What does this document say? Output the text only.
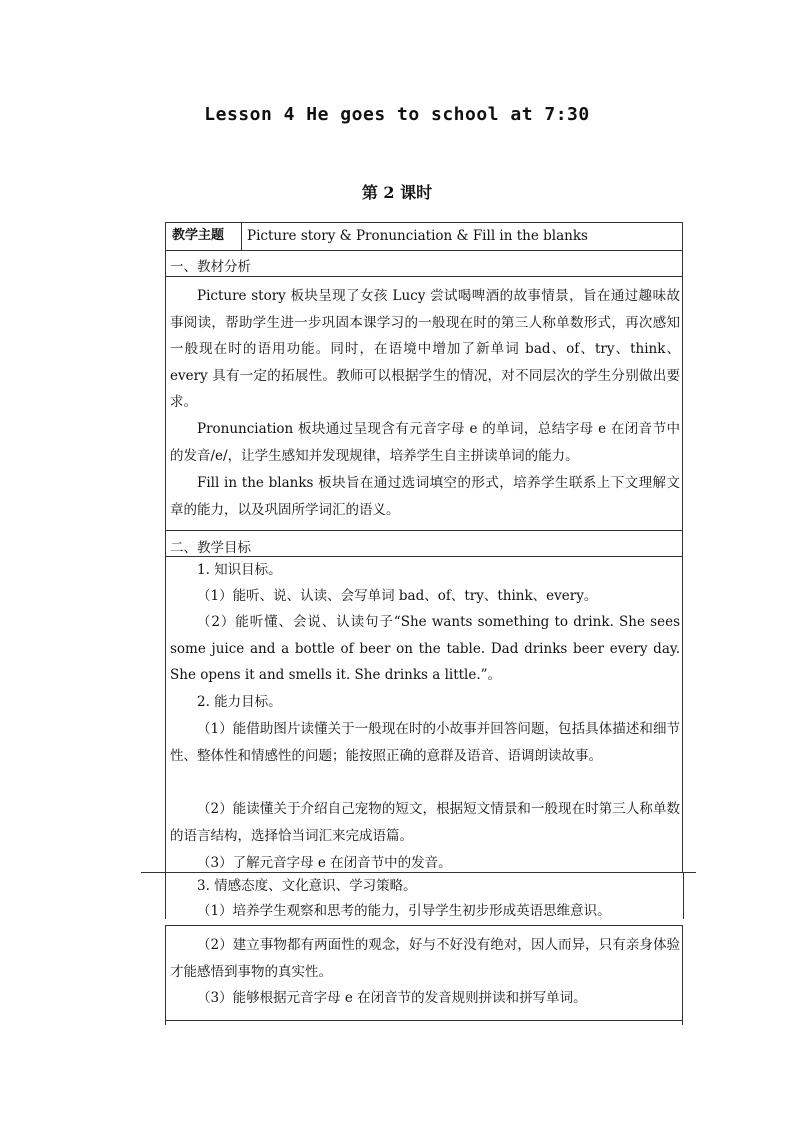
Lesson 4 He goes to school at 7:30
第 2 课时
教学主题 Picture story & Pronunciation & Fill in the blanks
一、教材分析
Picture story 板块呈现了女孩 Lucy 尝试喝啤酒的故事情景，旨在通过趣味故事阅读，帮助学生进一步巩固本课学习的一般现在时的第三人称单数形式，再次感知一般现在时的语用功能。同时，在语境中增加了新单词 bad、of、try、think、every 具有一定的拓展性。教师可以根据学生的情况，对不同层次的学生分别做出要求。
Pronunciation 板块通过呈现含有元音字母 e 的单词，总结字母 e 在闭音节中的发音/e/，让学生感知并发现规律，培养学生自主拼读单词的能力。
Fill in the blanks 板块旨在通过选词填空的形式，培养学生联系上下文理解文章的能力，以及巩固所学词汇的语义。
二、教学目标
1. 知识目标。
（1）能听、说、认读、会写单词 bad、of、try、think、every。
（2）能听懂、会说、认读句子“She wants something to drink. She sees some juice and a bottle of beer on the table. Dad drinks beer every day. She opens it and smells it. She drinks a little.”。
2. 能力目标。
（1）能借助图片读懂关于一般现在时的小故事并回答问题，包括具体描述和细节性、整体性和情感性的问题；能按照正确的意群及语音、语调朗读故事。
（2）能读懂关于介绍自己宠物的短文，根据短文情景和一般现在时第三人称单数的语言结构，选择恰当词汇来完成语篇。
（3）了解元音字母 e 在闭音节中的发音。
3. 情感态度、文化意识、学习策略。
（1）培养学生观察和思考的能力，引导学生初步形成英语思维意识。
（2）建立事物都有两面性的观念，好与不好没有绝对，因人而异，只有亲身体验才能感悟到事物的真实性。
（3）能够根据元音字母 e 在闭音节的发音规则拼读和拼写单词。
